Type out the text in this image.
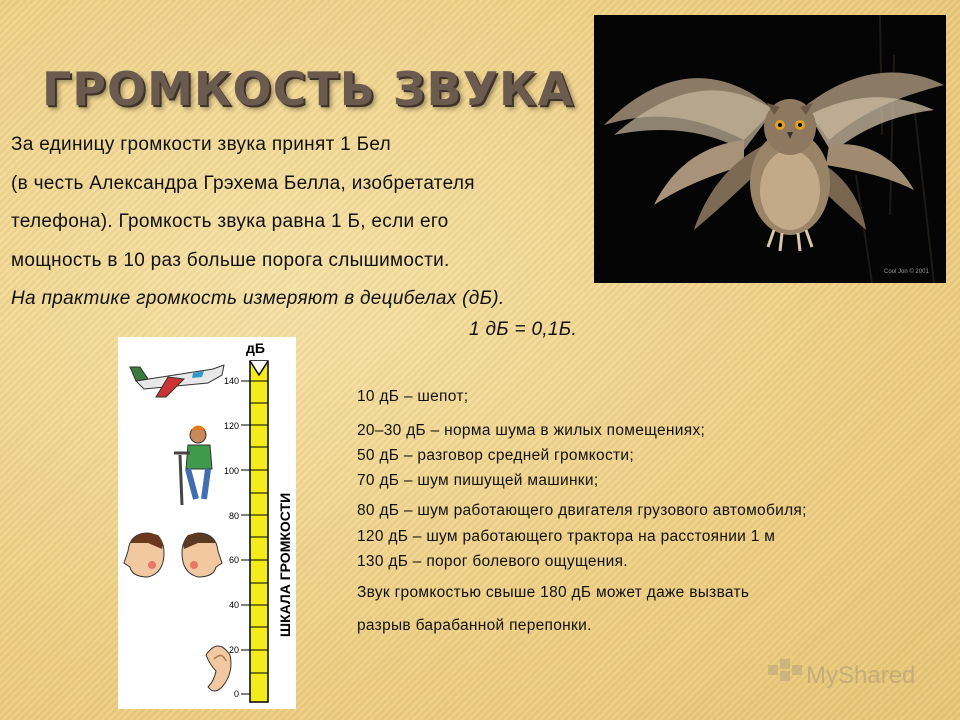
ГРОМКОСТЬ ЗВУКА
Cool Jon © 2001
За единицу громкости звука принят 1 Бел
(в честь Александра Грэхема Белла, изобретателя
телефона). Громкость звука равна 1 Б, если его
мощность в 10 раз больше порога слышимости.
На практике громкость измеряют в децибелах (дБ).
1 дБ = 0,1Б.
дБ
140
120
100
80
60
40
20
0
ШКАЛА ГРОМКОСТИ
10 дБ – шепот;
20–30 дБ – норма шума в жилых помещениях;
50 дБ – разговор средней громкости;
70 дБ – шум пишущей машинки;
80 дБ – шум работающего двигателя грузового автомобиля;
120 дБ – шум работающего трактора на расстоянии 1 м
130 дБ – порог болевого ощущения.
Звук громкостью свыше 180 дБ может даже вызвать
разрыв барабанной перепонки.
MyShared
